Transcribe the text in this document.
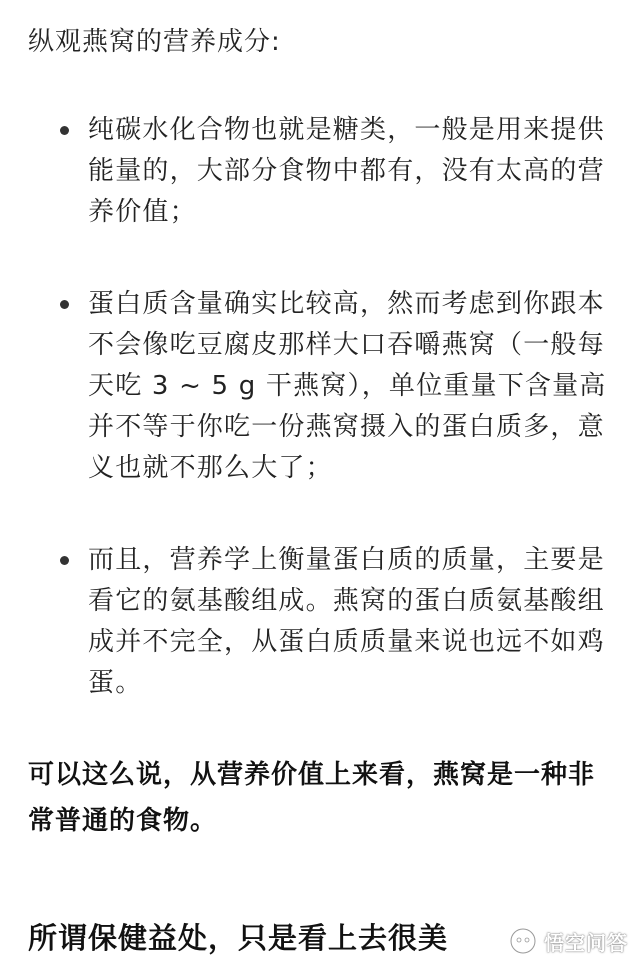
纵观燕窝的营养成分:

纯碳水化合物也就是糖类，一般是用来提供能量的，大部分食物中都有，没有太高的营养价值；
蛋白质含量确实比较高，然而考虑到你跟本不会像吃豆腐皮那样大口吞嚼燕窝（一般每天吃 3 ~ 5 g 干燕窝），单位重量下含量高并不等于你吃一份燕窝摄入的蛋白质多，意义也就不那么大了；
而且，营养学上衡量蛋白质的质量，主要是看它的氨基酸组成。燕窝的蛋白质氨基酸组成并不完全，从蛋白质质量来说也远不如鸡蛋。

可以这么说，从营养价值上来看，燕窝是一种非常普通的食物。

所谓保健益处，只是看上去很美	悟空问答
